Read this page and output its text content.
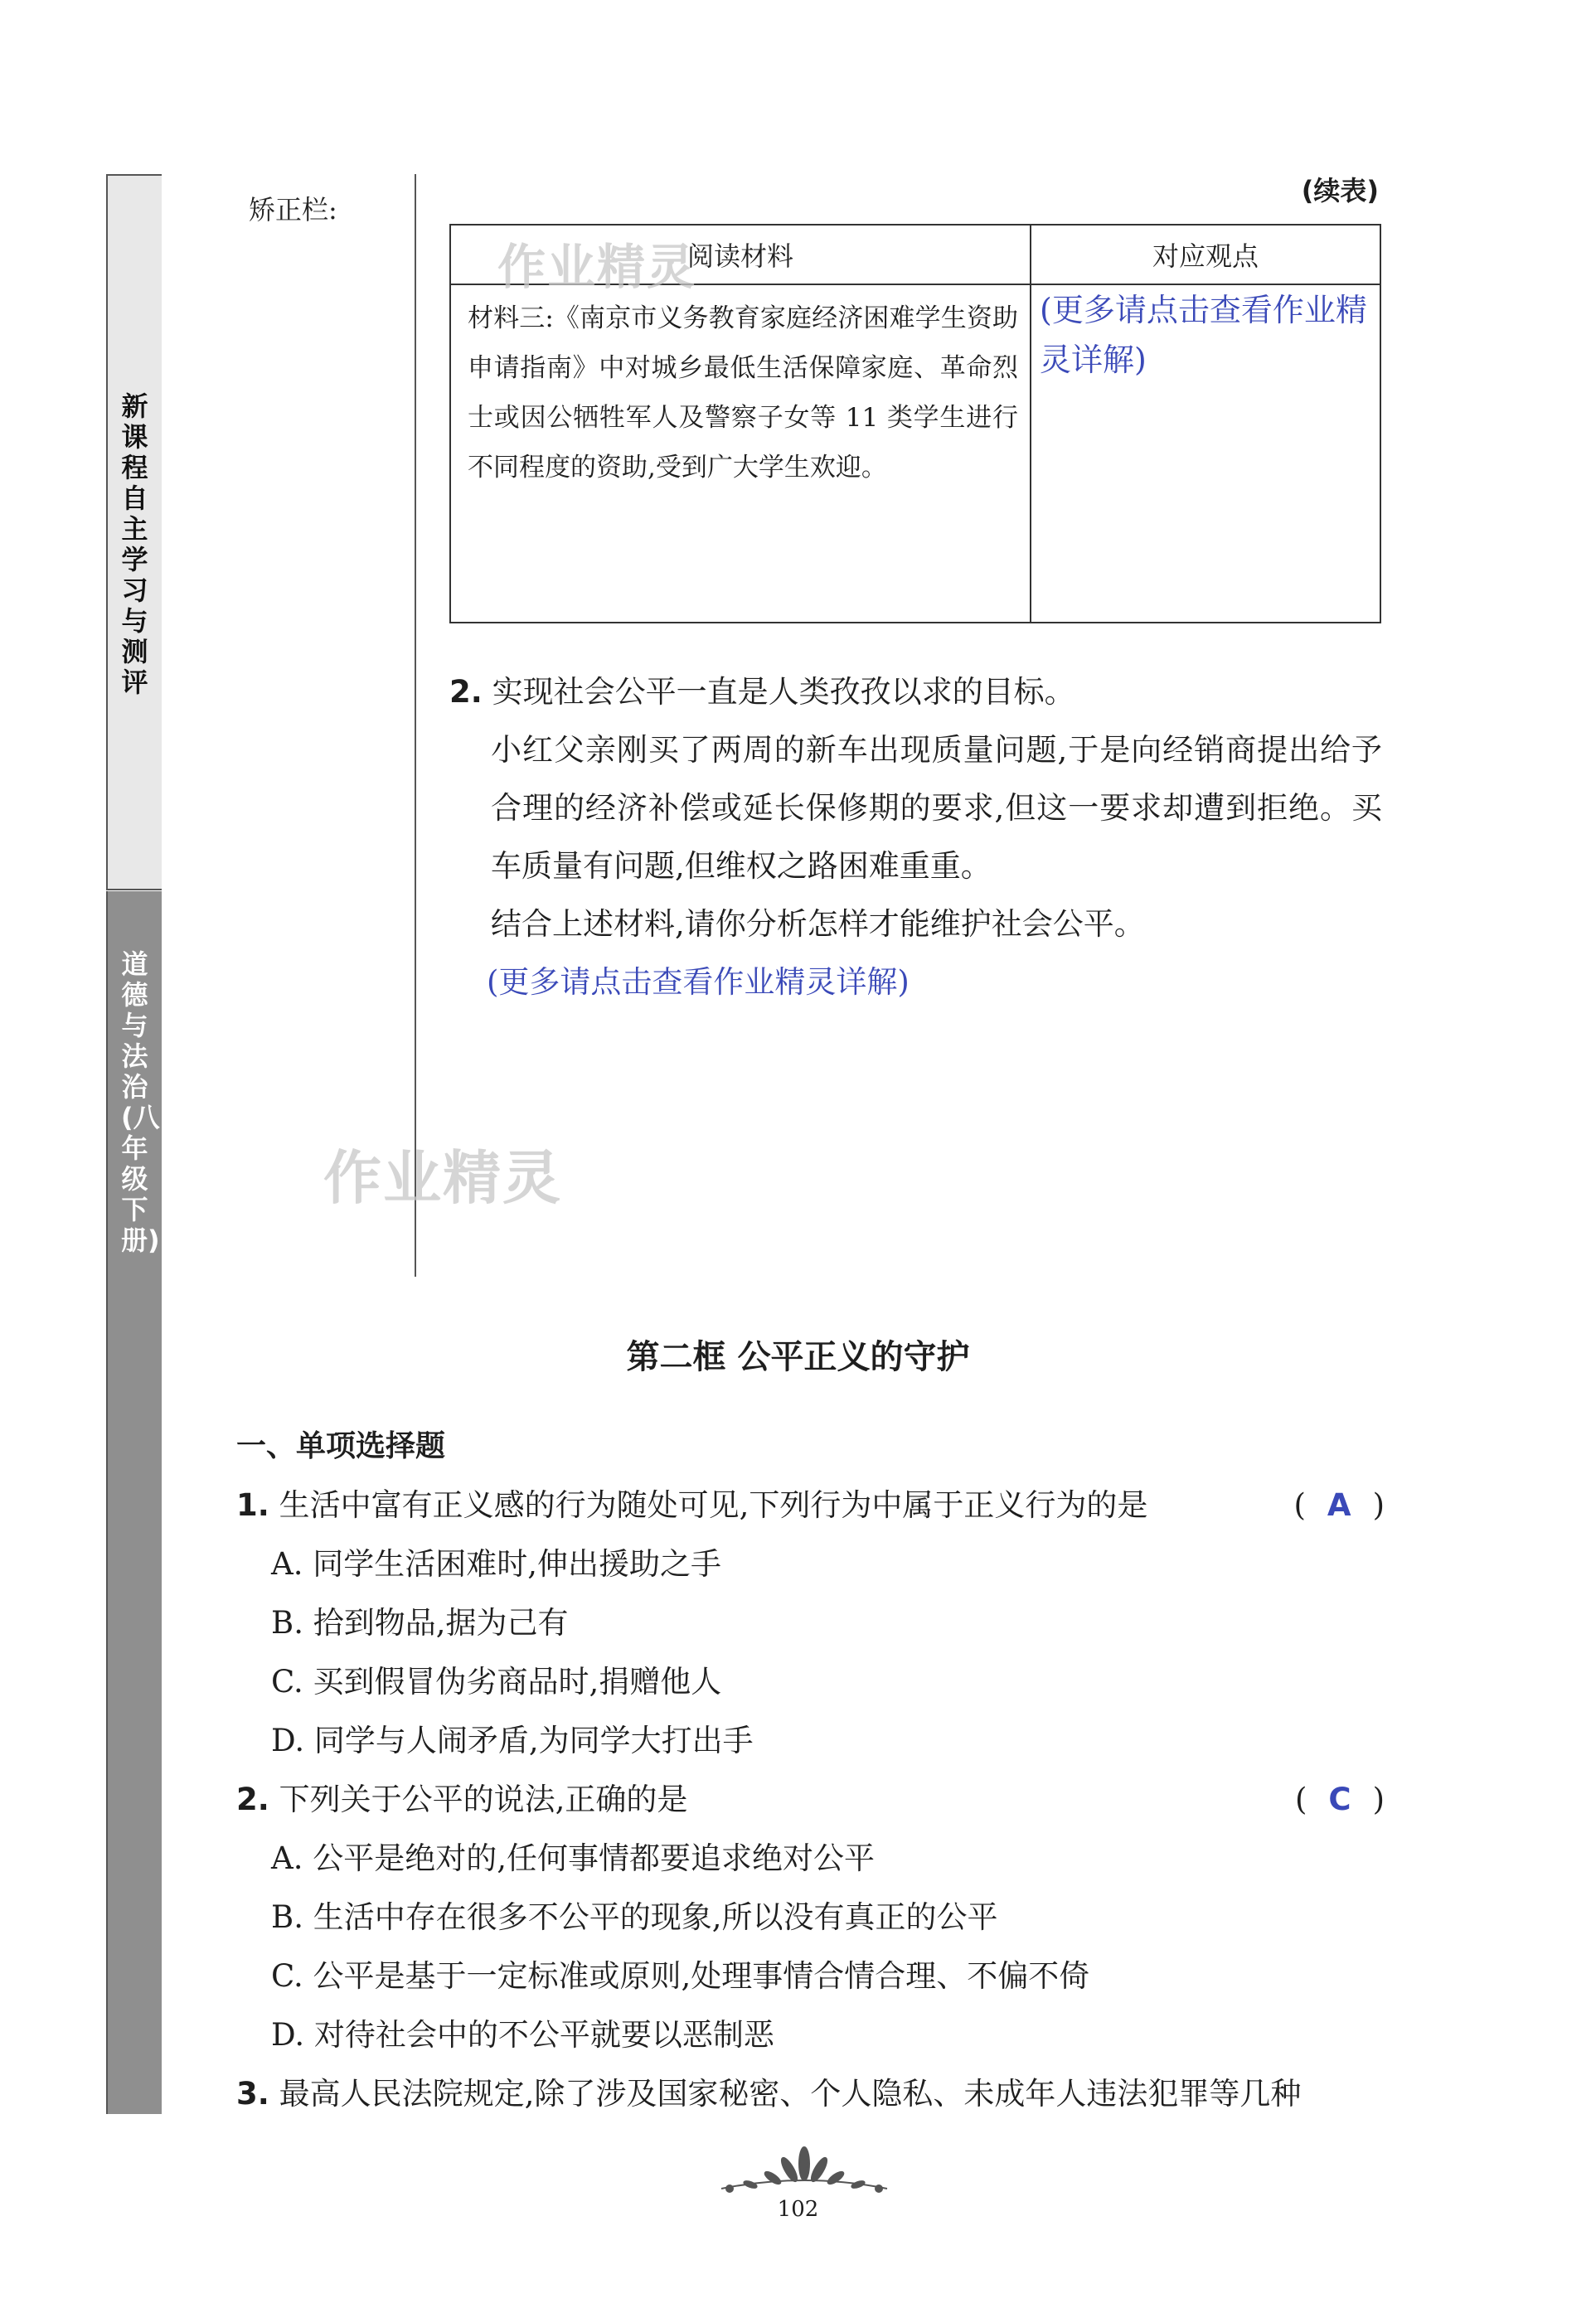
新课程自主学习与测评
道德与法治(八年级下册)
矫正栏:
(续表)
阅读材料	对应观点
材料三:《南京市义务教育家庭经济困难学生资助申请指南》中对城乡最低生活保障家庭、革命烈士或因公牺牲军人及警察子女等 11 类学生进行不同程度的资助,受到广大学生欢迎。	(更多请点击查看作业精灵详解)
作业精灵
2. 实现社会公平一直是人类孜孜以求的目标。
小红父亲刚买了两周的新车出现质量问题,于是向经销商提出给予合理的经济补偿或延长保修期的要求,但这一要求却遭到拒绝。买车质量有问题,但维权之路困难重重。
结合上述材料,请你分析怎样才能维护社会公平。
(更多请点击查看作业精灵详解)
作业精灵
第二框 公平正义的守护
一、单项选择题
1. 生活中富有正义感的行为随处可见,下列行为中属于正义行为的是	( A )
A. 同学生活困难时,伸出援助之手
B. 拾到物品,据为己有
C. 买到假冒伪劣商品时,捐赠他人
D. 同学与人闹矛盾,为同学大打出手
2. 下列关于公平的说法,正确的是	( C )
A. 公平是绝对的,任何事情都要追求绝对公平
B. 生活中存在很多不公平的现象,所以没有真正的公平
C. 公平是基于一定标准或原则,处理事情合情合理、不偏不倚
D. 对待社会中的不公平就要以恶制恶
3. 最高人民法院规定,除了涉及国家秘密、个人隐私、未成年人违法犯罪等几种
102
